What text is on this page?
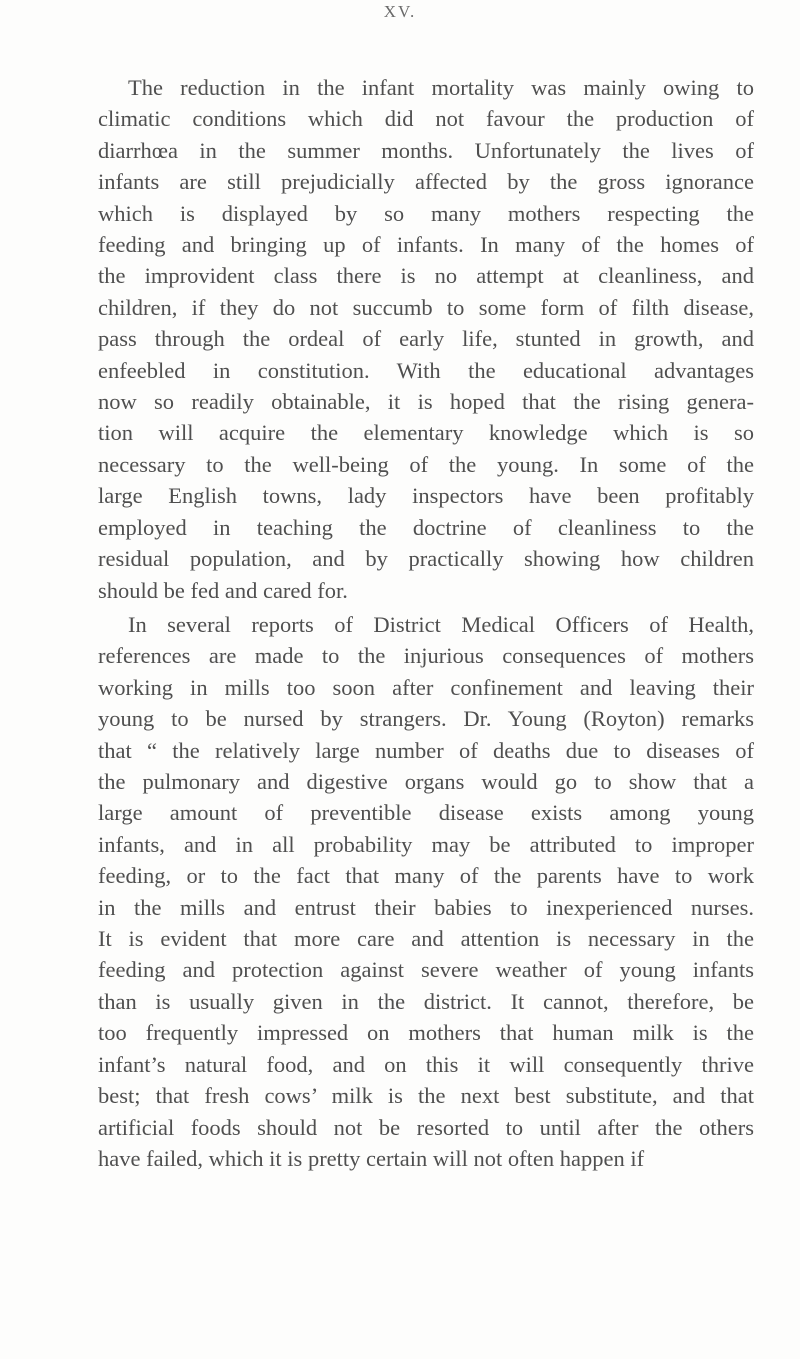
XV.
The reduction in the infant mortality was mainly owing to
climatic conditions which did not favour the production of
diarrhœa in the summer months. Unfortunately the lives of
infants are still prejudicially affected by the gross ignorance
which is displayed by so many mothers respecting the
feeding and bringing up of infants. In many of the homes of
the improvident class there is no attempt at cleanliness, and
children, if they do not succumb to some form of filth disease,
pass through the ordeal of early life, stunted in growth, and
enfeebled in constitution. With the educational advantages
now so readily obtainable, it is hoped that the rising genera-
tion will acquire the elementary knowledge which is so
necessary to the well-being of the young. In some of the
large English towns, lady inspectors have been profitably
employed in teaching the doctrine of cleanliness to the
residual population, and by practically showing how children
should be fed and cared for.
In several reports of District Medical Officers of Health,
references are made to the injurious consequences of mothers
working in mills too soon after confinement and leaving their
young to be nursed by strangers. Dr. Young (Royton) remarks
that “ the relatively large number of deaths due to diseases of
the pulmonary and digestive organs would go to show that a
large amount of preventible disease exists among young
infants, and in all probability may be attributed to improper
feeding, or to the fact that many of the parents have to work
in the mills and entrust their babies to inexperienced nurses.
It is evident that more care and attention is necessary in the
feeding and protection against severe weather of young infants
than is usually given in the district. It cannot, therefore, be
too frequently impressed on mothers that human milk is the
infant’s natural food, and on this it will consequently thrive
best; that fresh cows’ milk is the next best substitute, and that
artificial foods should not be resorted to until after the others
have failed, which it is pretty certain will not often happen if
